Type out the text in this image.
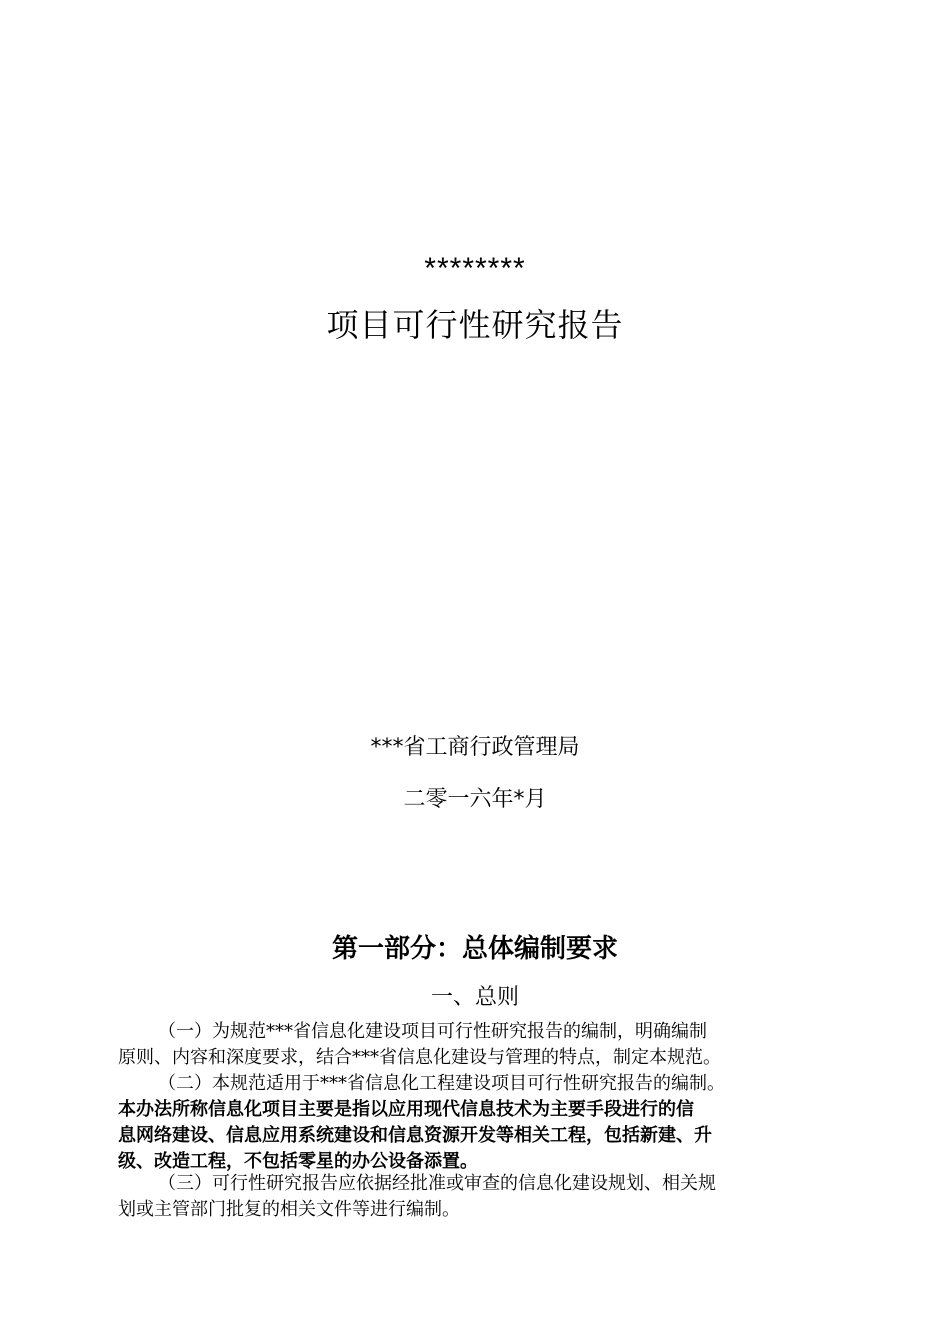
********
项目可行性研究报告
***省工商行政管理局
二零一六年*月
第一部分：总体编制要求
一、总则
（一）为规范***省信息化建设项目可行性研究报告的编制，明确编制
原则、内容和深度要求，结合***省信息化建设与管理的特点，制定本规范。
（二）本规范适用于***省信息化工程建设项目可行性研究报告的编制。
本办法所称信息化项目主要是指以应用现代信息技术为主要手段进行的信
息网络建设、信息应用系统建设和信息资源开发等相关工程，包括新建、升
级、改造工程，不包括零星的办公设备添置。
（三）可行性研究报告应依据经批准或审查的信息化建设规划、相关规
划或主管部门批复的相关文件等进行编制。
